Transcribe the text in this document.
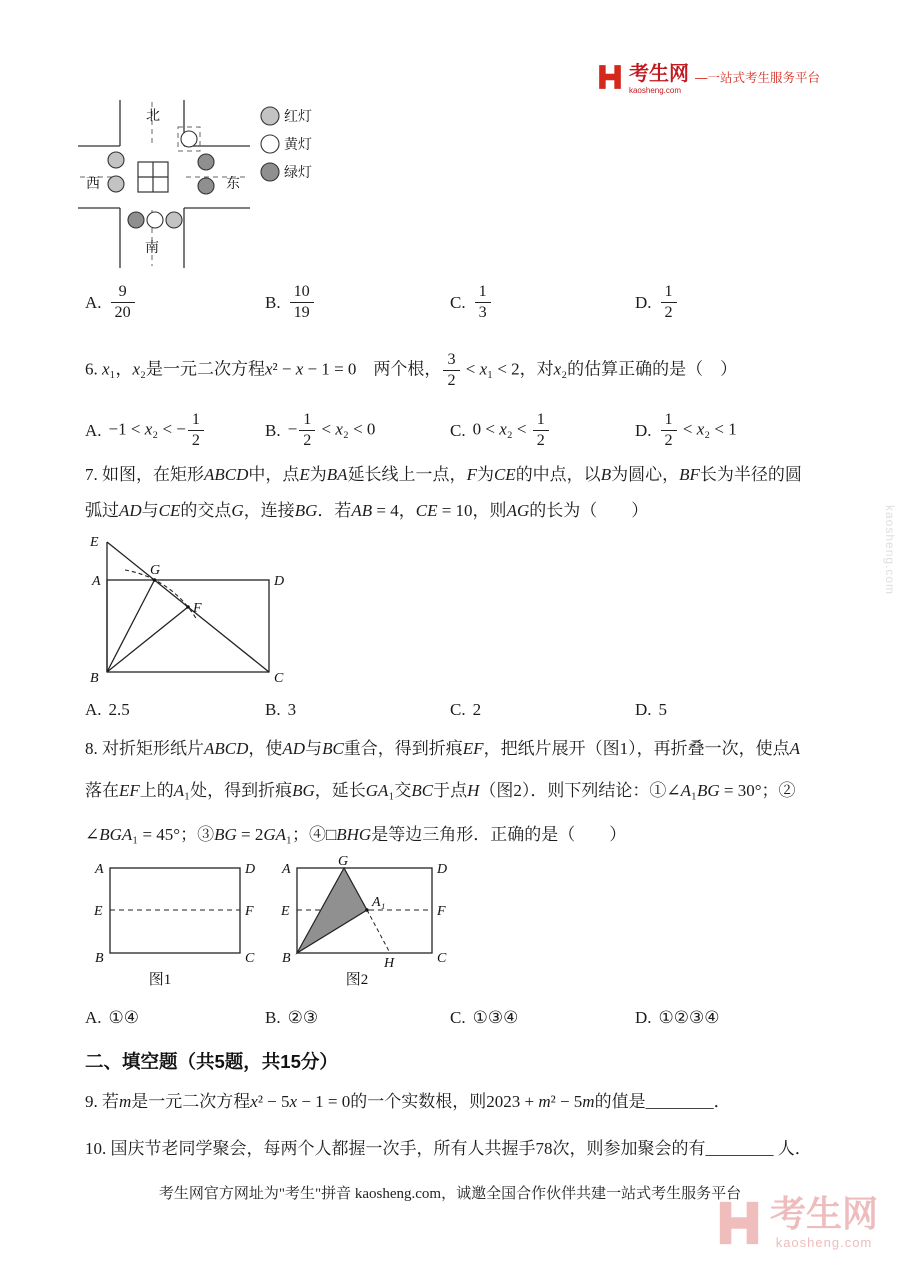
考生网
kaosheng.com
—一站式考生服务平台
北
西	东
南
红灯
黄灯
绿灯
A. $\frac{9}{20}$	B. $\frac{10}{19}$	C. $\frac{1}{3}$	D. $\frac{1}{2}$
6. x₁，x₂是一元二次方程x² − x − 1 = 0　两个根， $\frac{3}{2} < x_1 < 2$，对x₂的估算正确的是（　）
A. −1 < x₂ < − $\frac{1}{2}$	B. − $\frac{1}{2} < x_2 < 0$	C. $0 < x_2 < \frac{1}{2}$	D. $\frac{1}{2} < x_2 < 1$
7. 如图，在矩形ABCD中，点E为BA延长线上一点，F为CE的中点，以B为圆心，BF长为半径的圆
弧过AD与CE的交点G，连接BG．若AB = 4，CE = 10，则AG的长为（　　）
E
A	D
G
F
B	C
A. 2.5	B. 3	C. 2	D. 5
8. 对折矩形纸片ABCD，使AD与BC重合，得到折痕EF，把纸片展开（图1），再折叠一次，使点A
落在EF上的A₁处，得到折痕BG，延长GA₁交BC于点H（图2）．则下列结论：①∠A₁BG = 30°；②
∠BGA₁ = 45°；③BG = 2GA₁；④□BHG是等边三角形．正确的是（　　）
A	D
E	F
B	C
图1
A
G
D
E
A₁
F
B	H	C
图2
A. ①④	B. ②③	C. ①③④	D. ①②③④
二、填空题（共5题，共15分）
9. 若m是一元二次方程x² − 5x − 1 = 0的一个实数根，则2023 + m² − 5m的值是________．
10. 国庆节老同学聚会，每两个人都握一次手，所有人共握手78次，则参加聚会的有________ 人．
考生网官方网址为"考生"拼音 kaosheng.com，诚邀全国合作伙伴共建一站式考生服务平台
kaosheng.com
考生网
kaosheng.com
